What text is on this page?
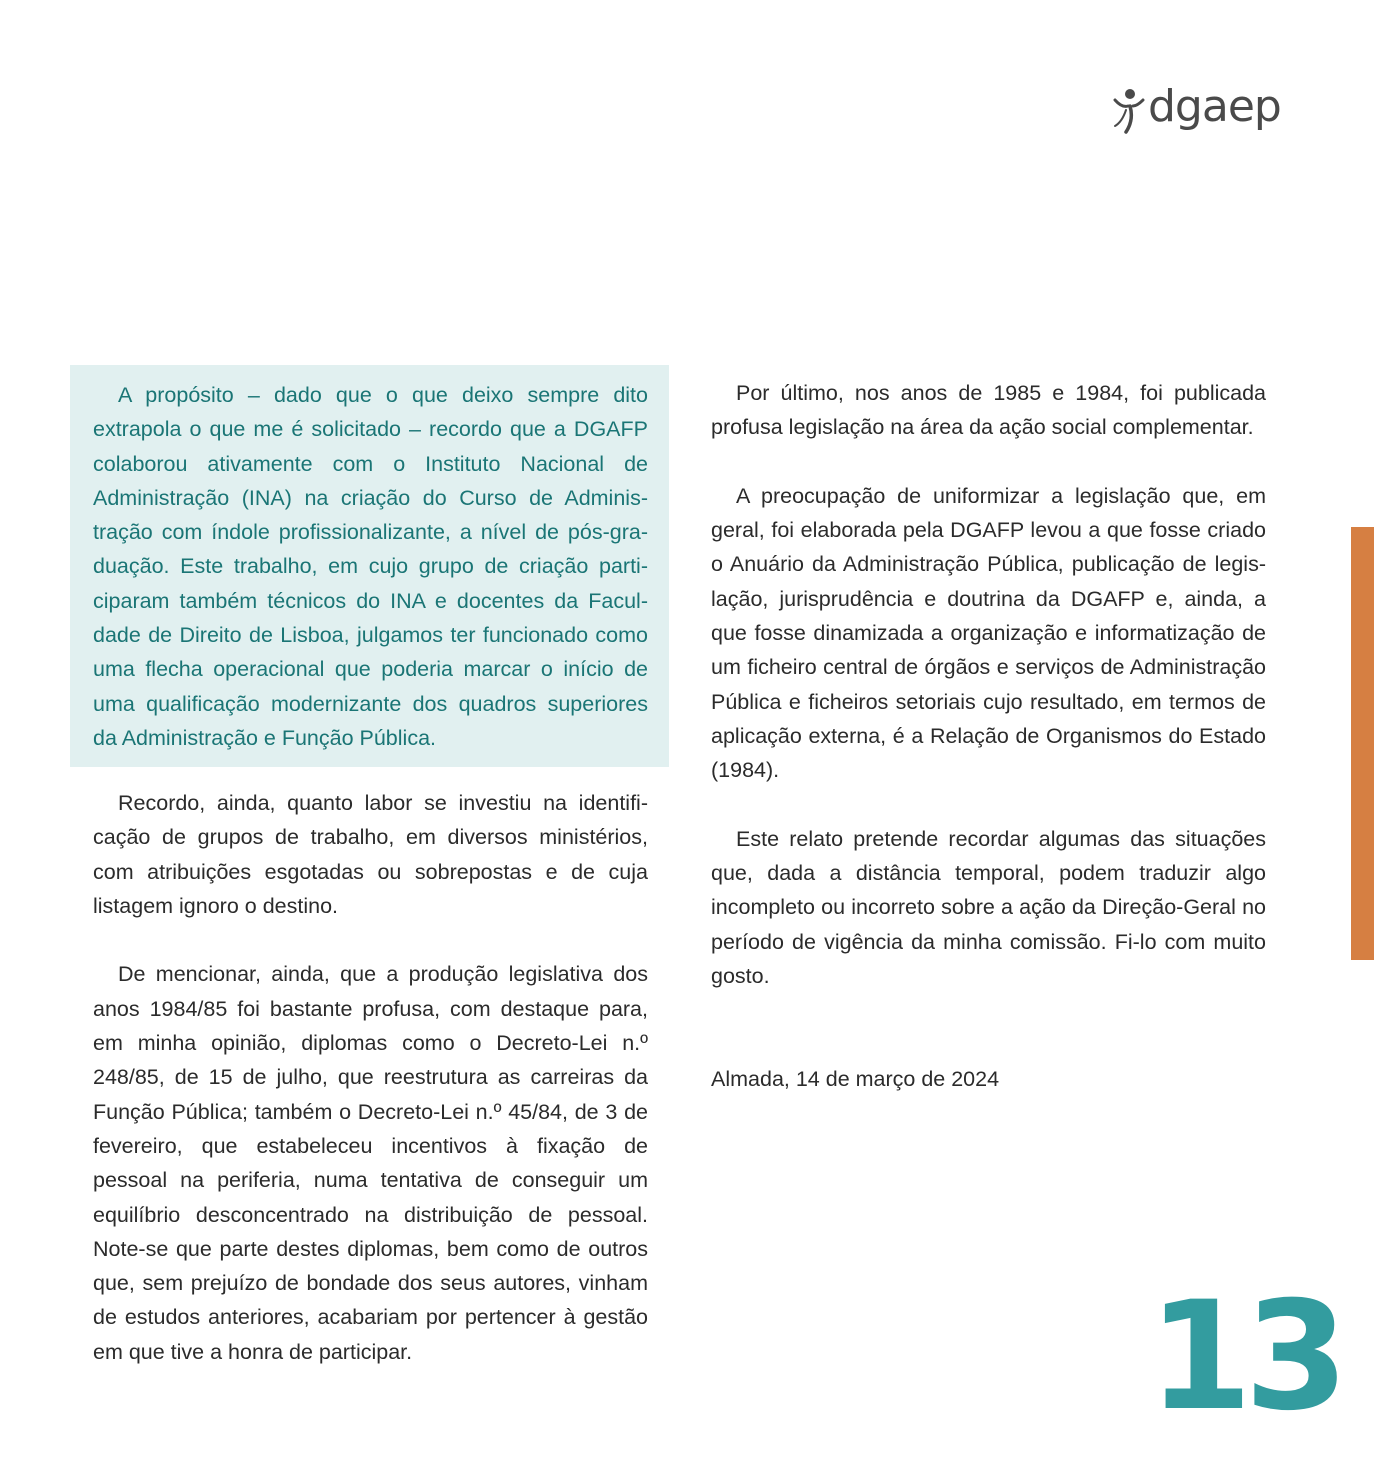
dgaep

A propósito – dado que o que deixo sempre dito extrapola o que me é solicitado – recordo que a DGAFP colaborou ativamente com o Instituto Nacional de Administração (INA) na criação do Curso de Administração com índole profissionalizante, a nível de pós-graduação. Este trabalho, em cujo grupo de criação participaram também técnicos do INA e docentes da Faculdade de Direito de Lisboa, julgamos ter funcionado como uma flecha operacional que poderia marcar o início de uma qualificação modernizante dos quadros superiores da Administração e Função Pública.

Recordo, ainda, quanto labor se investiu na identificação de grupos de trabalho, em diversos ministérios, com atribuições esgotadas ou sobrepostas e de cuja listagem ignoro o destino.

De mencionar, ainda, que a produção legislativa dos anos 1984/85 foi bastante profusa, com destaque para, em minha opinião, diplomas como o Decreto-Lei n.º 248/85, de 15 de julho, que reestrutura as carreiras da Função Pública; também o Decreto-Lei n.º 45/84, de 3 de fevereiro, que estabeleceu incentivos à fixação de pessoal na periferia, numa tentativa de conseguir um equilíbrio desconcentrado na distribuição de pessoal. Note-se que parte destes diplomas, bem como de outros que, sem prejuízo de bondade dos seus autores, vinham de estudos anteriores, acabariam por pertencer à gestão em que tive a honra de participar.

Por último, nos anos de 1985 e 1984, foi publicada profusa legislação na área da ação social complementar.

A preocupação de uniformizar a legislação que, em geral, foi elaborada pela DGAFP levou a que fosse criado o Anuário da Administração Pública, publicação de legislação, jurisprudência e doutrina da DGAFP e, ainda, a que fosse dinamizada a organização e informatização de um ficheiro central de órgãos e serviços de Administração Pública e ficheiros setoriais cujo resultado, em termos de aplicação externa, é a Relação de Organismos do Estado (1984).

Este relato pretende recordar algumas das situações que, dada a distância temporal, podem traduzir algo incompleto ou incorreto sobre a ação da Direção-Geral no período de vigência da minha comissão. Fi-lo com muito gosto.

Almada, 14 de março de 2024

13
